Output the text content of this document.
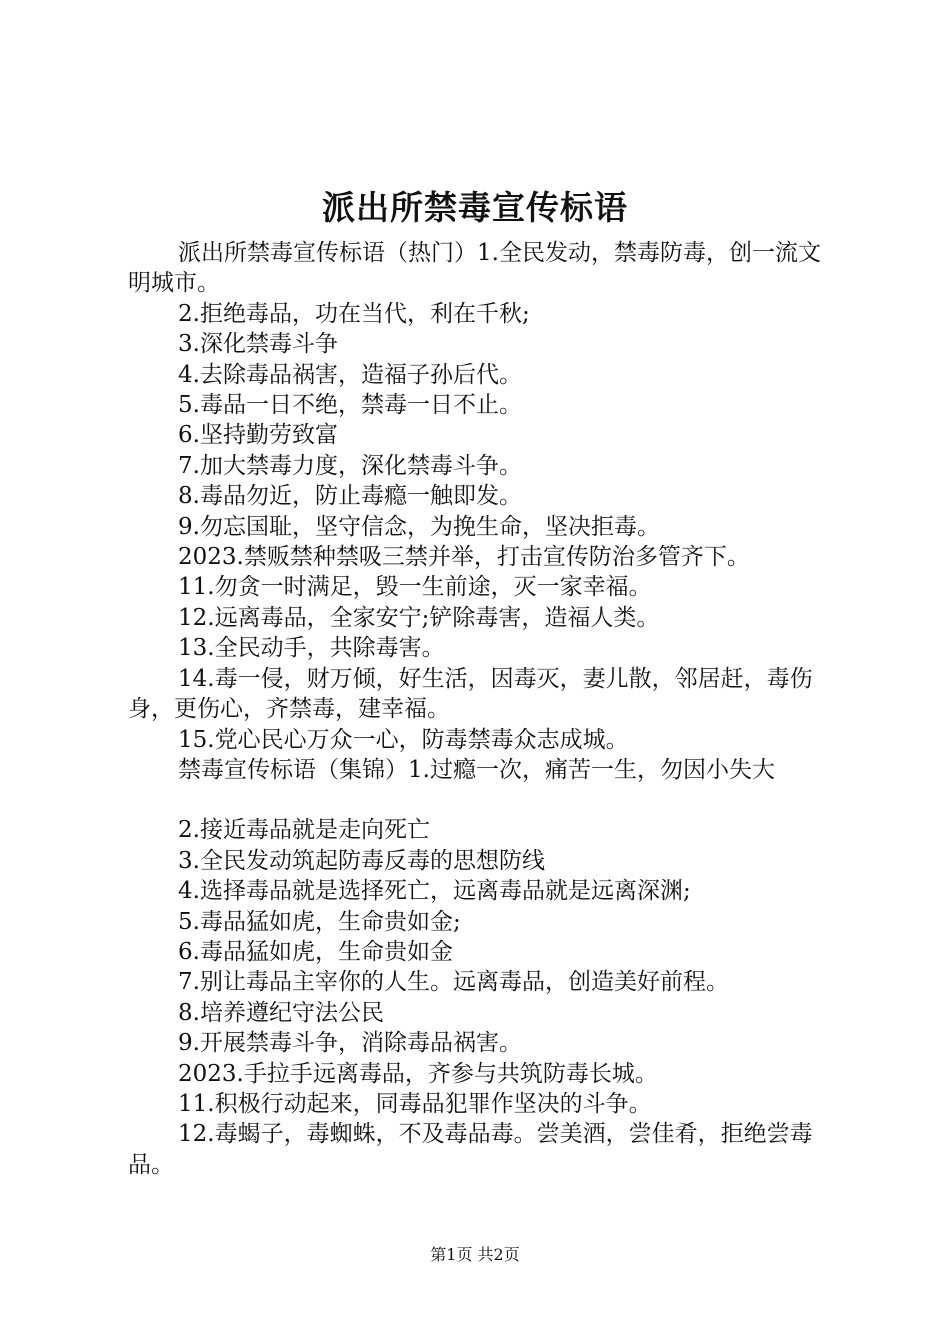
派出所禁毒宣传标语

派出所禁毒宣传标语（热门）1.全民发动，禁毒防毒，创一流文明城市。

2.拒绝毒品，功在当代，利在千秋;

3.深化禁毒斗争

4.去除毒品祸害，造福子孙后代。

5.毒品一日不绝，禁毒一日不止。

6.坚持勤劳致富

7.加大禁毒力度，深化禁毒斗争。

8.毒品勿近，防止毒瘾一触即发。

9.勿忘国耻，坚守信念，为挽生命，坚决拒毒。

2023.禁贩禁种禁吸三禁并举，打击宣传防治多管齐下。

11.勿贪一时满足，毁一生前途，灭一家幸福。

12.远离毒品，全家安宁;铲除毒害，造福人类。

13.全民动手，共除毒害。

14.毒一侵，财万倾，好生活，因毒灭，妻儿散，邻居赶，毒伤身，更伤心，齐禁毒，建幸福。

15.党心民心万众一心，防毒禁毒众志成城。

禁毒宣传标语（集锦）1.过瘾一次，痛苦一生，勿因小失大

2.接近毒品就是走向死亡

3.全民发动筑起防毒反毒的思想防线

4.选择毒品就是选择死亡，远离毒品就是远离深渊;

5.毒品猛如虎，生命贵如金;

6.毒品猛如虎，生命贵如金

7.别让毒品主宰你的人生。远离毒品，创造美好前程。

8.培养遵纪守法公民

9.开展禁毒斗争，消除毒品祸害。

2023.手拉手远离毒品，齐参与共筑防毒长城。

11.积极行动起来，同毒品犯罪作坚决的斗争。

12.毒蝎子，毒蜘蛛，不及毒品毒。尝美酒，尝佳肴，拒绝尝毒品。

第1页 共2页
